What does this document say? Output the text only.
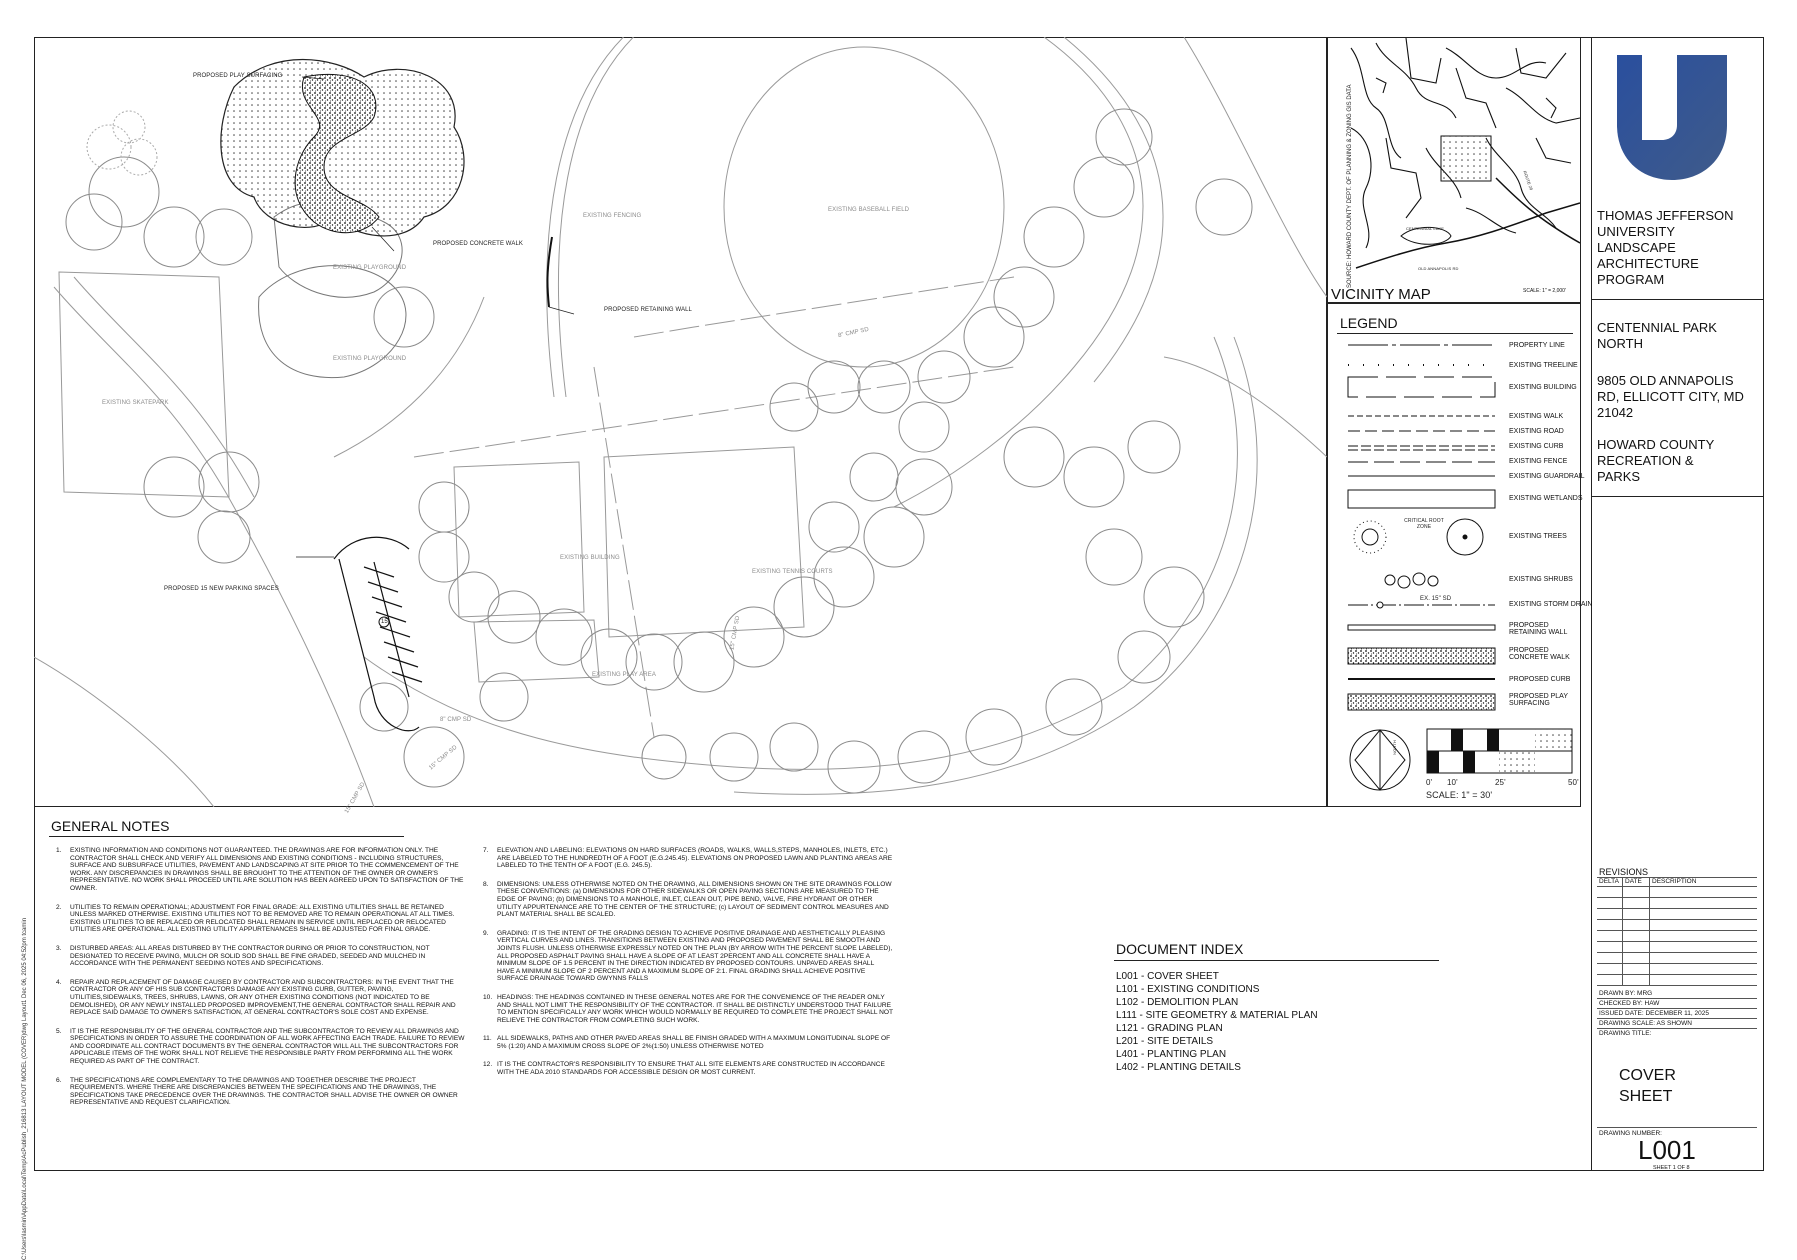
C:\Users\lasmin\AppData\Local\Temp\AcPublish_216813 LAYOUT MODEL (COVER)dwg Layout1 Dec 06, 2025 04:52pm tcamin
PROPOSED PLAY SURFACING
PROPOSED CONCRETE WALK
EXISTING PLAYGROUND
EXISTING PLAYGROUND
EXISTING SKATEPARK
EXISTING FENCING
EXISTING BASEBALL FIELD
PROPOSED RETAINING WALL
8" CMP SD
EXISTING BUILDING
EXISTING TENNIS COURTS
EXISTING PLAY AREA
15" CMP SD
8" CMP SD
15" CMP SD
15" CMP SD
PROPOSED 15 NEW PARKING SPACES
15
CENTENNIAL LAKE
OLD ANNAPOLIS RD
ROUTE 29
SOURCE: HOWARD COUNTY DEPT. OF PLANNING & ZONING GIS DATA
VICINITY MAP	SCALE: 1" = 2,000'
LEGEND
PROPERTY LINE
EXISTING TREELINE
EXISTING BUILDING
EXISTING WALK
EXISTING ROAD
EXISTING CURB
EXISTING FENCE
EXISTING GUARDRAIL
EXISTING WETLANDS
EXISTING TREES
EXISTING SHRUBS
EXISTING STORM DRAIN
PROPOSED RETAINING WALL
PROPOSED CONCRETE WALK
PROPOSED CURB
PROPOSED PLAY SURFACING
CRITICAL ROOT ZONE
EX. 15" SD
NORTH
0' 10'	25'	50'
SCALE: 1" = 30'
THOMAS JEFFERSON
UNIVERSITY
LANDSCAPE
ARCHITECTURE
PROGRAM
CENTENNIAL PARK
NORTH
9805 OLD ANNAPOLIS
RD, ELLICOTT CITY, MD
21042
HOWARD COUNTY
RECREATION &
PARKS
REVISIONS
DELTA DATE DESCRIPTION
DRAWN BY: MRG
CHECKED BY: HAW
ISSUED DATE: DECEMBER 11, 2025
DRAWING SCALE: AS SHOWN
DRAWING TITLE:
COVER
SHEET
DRAWING NUMBER:
L001
SHEET 1 OF 8
GENERAL NOTES
1.	EXISTING INFORMATION AND CONDITIONS NOT GUARANTEED. THE DRAWINGS ARE FOR INFORMATION ONLY. THE CONTRACTOR SHALL CHECK AND VERIFY ALL DIMENSIONS AND EXISTING CONDITIONS - INCLUDING STRUCTURES, SURFACE AND SUBSURFACE UTILITIES, PAVEMENT AND LANDSCAPING AT SITE PRIOR TO THE COMMENCEMENT OF THE WORK. ANY DISCREPANCIES IN DRAWINGS SHALL BE BROUGHT TO THE ATTENTION OF THE OWNER OR OWNER'S REPRESENTATIVE. NO WORK SHALL PROCEED UNTIL ARE SOLUTION HAS BEEN AGREED UPON TO SATISFACTION OF THE OWNER.
2.	UTILITIES TO REMAIN OPERATIONAL; ADJUSTMENT FOR FINAL GRADE: ALL EXISTING UTILITIES SHALL BE RETAINED UNLESS MARKED OTHERWISE. EXISTING UTILITIES NOT TO BE REMOVED ARE TO REMAIN OPERATIONAL AT ALL TIMES. EXISTING UTILITIES TO BE REPLACED OR RELOCATED SHALL REMAIN IN SERVICE UNTIL REPLACED OR RELOCATED UTILITIES ARE OPERATIONAL. ALL EXISTING UTILITY APPURTENANCES SHALL BE ADJUSTED FOR FINAL GRADE.
3.	DISTURBED AREAS: ALL AREAS DISTURBED BY THE CONTRACTOR DURING OR PRIOR TO CONSTRUCTION, NOT DESIGNATED TO RECEIVE PAVING, MULCH OR SOLID SOD SHALL BE FINE GRADED, SEEDED AND MULCHED IN ACCORDANCE WITH THE PERMANENT SEEDING NOTES AND SPECIFICATIONS.
4.	REPAIR AND REPLACEMENT OF DAMAGE CAUSED BY CONTRACTOR AND SUBCONTRACTORS: IN THE EVENT THAT THE CONTRACTOR OR ANY OF HIS SUB CONTRACTORS DAMAGE ANY EXISTING CURB, GUTTER, PAVING, UTILITIES,SIDEWALKS, TREES, SHRUBS, LAWNS, OR ANY OTHER EXISTING CONDITIONS (NOT INDICATED TO BE DEMOLISHED), OR ANY NEWLY INSTALLED PROPOSED IMPROVEMENT,THE GENERAL CONTRACTOR SHALL REPAIR AND REPLACE SAID DAMAGE TO OWNER'S SATISFACTION, AT GENERAL CONTRACTOR'S SOLE COST AND EXPENSE.
5.	IT IS THE RESPONSIBILITY OF THE GENERAL CONTRACTOR AND THE SUBCONTRACTOR TO REVIEW ALL DRAWINGS AND SPECIFICATIONS IN ORDER TO ASSURE THE COORDINATION OF ALL WORK AFFECTING EACH TRADE. FAILURE TO REVIEW AND COORDINATE ALL CONTRACT DOCUMENTS BY THE GENERAL CONTRACTOR WILL ALL THE SUBCONTRACTORS FOR APPLICABLE ITEMS OF THE WORK SHALL NOT RELIEVE THE RESPONSIBLE PARTY FROM PERFORMING ALL THE WORK REQUIRED AS PART OF THE CONTRACT.
6.	THE SPECIFICATIONS ARE COMPLEMENTARY TO THE DRAWINGS AND TOGETHER DESCRIBE THE PROJECT REQUIREMENTS. WHERE THERE ARE DISCREPANCIES BETWEEN THE SPECIFICATIONS AND THE DRAWINGS, THE SPECIFICATIONS TAKE PRECEDENCE OVER THE DRAWINGS. THE CONTRACTOR SHALL ADVISE THE OWNER OR OWNER REPRESENTATIVE AND REQUEST CLARIFICATION.
7.	ELEVATION AND LABELING: ELEVATIONS ON HARD SURFACES (ROADS, WALKS, WALLS,STEPS, MANHOLES, INLETS, ETC.) ARE LABELED TO THE HUNDREDTH OF A FOOT (E.G.245.45). ELEVATIONS ON PROPOSED LAWN AND PLANTING AREAS ARE LABELED TO THE TENTH OF A FOOT (E.G. 245.5).
8.	DIMENSIONS: UNLESS OTHERWISE NOTED ON THE DRAWING, ALL DIMENSIONS SHOWN ON THE SITE DRAWINGS FOLLOW THESE CONVENTIONS: (a) DIMENSIONS FOR OTHER SIDEWALKS OR OPEN PAVING SECTIONS ARE MEASURED TO THE EDGE OF PAVING; (b) DIMENSIONS TO A MANHOLE, INLET, CLEAN OUT, PIPE BEND, VALVE, FIRE HYDRANT OR OTHER UTILITY APPURTENANCE ARE TO THE CENTER OF THE STRUCTURE; (c) LAYOUT OF SEDIMENT CONTROL MEASURES AND PLANT MATERIAL SHALL BE SCALED.
9.	GRADING: IT IS THE INTENT OF THE GRADING DESIGN TO ACHIEVE POSITIVE DRAINAGE AND AESTHETICALLY PLEASING VERTICAL CURVES AND LINES. TRANSITIONS BETWEEN EXISTING AND PROPOSED PAVEMENT SHALL BE SMOOTH AND JOINTS FLUSH. UNLESS OTHERWISE EXPRESSLY NOTED ON THE PLAN (BY ARROW WITH THE PERCENT SLOPE LABELED), ALL PROPOSED ASPHALT PAVING SHALL HAVE A SLOPE OF AT LEAST 2PERCENT AND ALL CONCRETE SHALL HAVE A MINIMUM SLOPE OF 1.5 PERCENT IN THE DIRECTION INDICATED BY PROPOSED CONTOURS. UNPAVED AREAS SHALL HAVE A MINIMUM SLOPE OF 2 PERCENT AND A MAXIMUM SLOPE OF 2:1. FINAL GRADING SHALL ACHIEVE POSITIVE SURFACE DRAINAGE TOWARD GWYNNS FALLS
10. HEADINGS: THE HEADINGS CONTAINED IN THESE GENERAL NOTES ARE FOR THE CONVENIENCE OF THE READER ONLY AND SHALL NOT LIMIT THE RESPONSIBILITY OF THE CONTRACTOR. IT SHALL BE DISTINCTLY UNDERSTOOD THAT FAILURE TO MENTION SPECIFICALLY ANY WORK WHICH WOULD NORMALLY BE REQUIRED TO COMPLETE THE PROJECT SHALL NOT RELIEVE THE CONTRACTOR FROM COMPLETING SUCH WORK.
11. ALL SIDEWALKS, PATHS AND OTHER PAVED AREAS SHALL BE FINISH GRADED WITH A MAXIMUM LONGITUDINAL SLOPE OF 5% (1:20) AND A MAXIMUM CROSS SLOPE OF 2%(1:50) UNLESS OTHERWISE NOTED
12. IT IS THE CONTRACTOR'S RESPONSIBILITY TO ENSURE THAT ALL SITE ELEMENTS ARE CONSTRUCTED IN ACCORDANCE WITH THE ADA 2010 STANDARDS FOR ACCESSIBLE DESIGN OR MOST CURRENT.
DOCUMENT INDEX
L001 - COVER SHEET
L101 - EXISTING CONDITIONS
L102 - DEMOLITION PLAN
L111 - SITE GEOMETRY & MATERIAL PLAN
L121 - GRADING PLAN
L201 - SITE DETAILS
L401 - PLANTING PLAN
L402 - PLANTING DETAILS
